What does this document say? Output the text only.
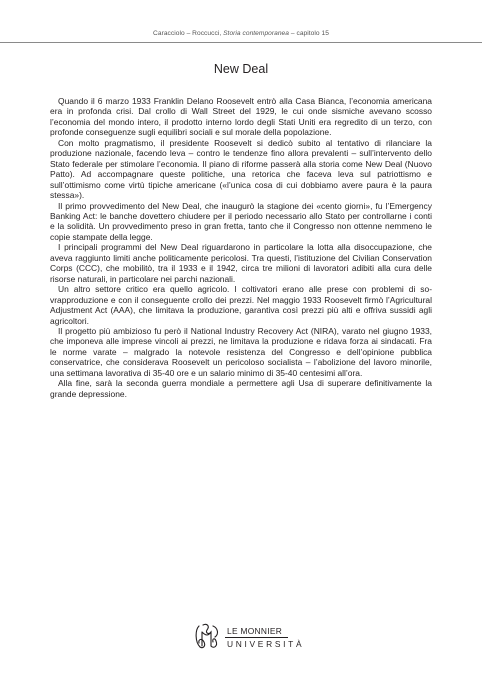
Caracciolo – Roccucci, Storia contemporanea – capitolo 15
New Deal

Quando il 6 marzo 1933 Franklin Delano Roosevelt entrò alla Casa Bianca, l’economia americana era in profonda crisi. Dal crollo di Wall Street del 1929, le cui onde sismiche avevano scosso l’economia del mondo intero, il prodotto interno lordo degli Stati Uniti era regredito di un terzo, con profonde conseguenze sugli equilibri sociali e sul morale della popolazione.

Con molto pragmatismo, il presidente Roosevelt si dedicò subito al tentativo di rilanciare la produzione nazionale, facendo leva – contro le tendenze fino allora prevalenti – sull’intervento dello Stato federale per stimolare l’economia. Il piano di riforme passerà alla storia come New Deal (Nuovo Patto). Ad accompagnare queste politiche, una retorica che faceva leva sul patriottismo e sull’ottimismo come virtù tipiche americane («l’unica cosa di cui dobbiamo avere paura è la paura stessa»).

Il primo provvedimento del New Deal, che inaugurò la stagione dei «cento giorni», fu l’Emergency Banking Act: le banche dovettero chiudere per il periodo necessario allo Stato per controllarne i conti e la solidità. Un provvedimento preso in gran fretta, tanto che il Congresso non ottenne nemmeno le copie stampate della legge.

I principali programmi del New Deal riguardarono in particolare la lotta alla disoccupazione, che aveva raggiunto limiti anche politicamente pericolosi. Tra questi, l’istituzione del Civilian Conservation Corps (CCC), che mobilitò, tra il 1933 e il 1942, circa tre milioni di lavoratori adibiti alla cura delle risorse naturali, in particolare nei parchi nazionali.

Un altro settore critico era quello agricolo. I coltivatori erano alle prese con problemi di sovrapproduzione e con il conseguente crollo dei prezzi. Nel maggio 1933 Roosevelt firmò l’Agricultural Adjustment Act (AAA), che limitava la produzione, garantiva così prezzi più alti e offriva sussidi agli agricoltori.

Il progetto più ambizioso fu però il National Industry Recovery Act (NIRA), varato nel giugno 1933, che imponeva alle imprese vincoli ai prezzi, ne limitava la produzione e ridava forza ai sindacati. Fra le norme varate – malgrado la notevole resistenza del Congresso e dell’opinione pubblica conservatrice, che considerava Roosevelt un pericoloso socialista – l’abolizione del lavoro minorile, una settimana lavorativa di 35-40 ore e un salario minimo di 35-40 centesimi all’ora.

Alla fine, sarà la seconda guerra mondiale a permettere agli Usa di superare definitivamente la grande depressione.

LE MONNIER
UNIVERSITÀ
